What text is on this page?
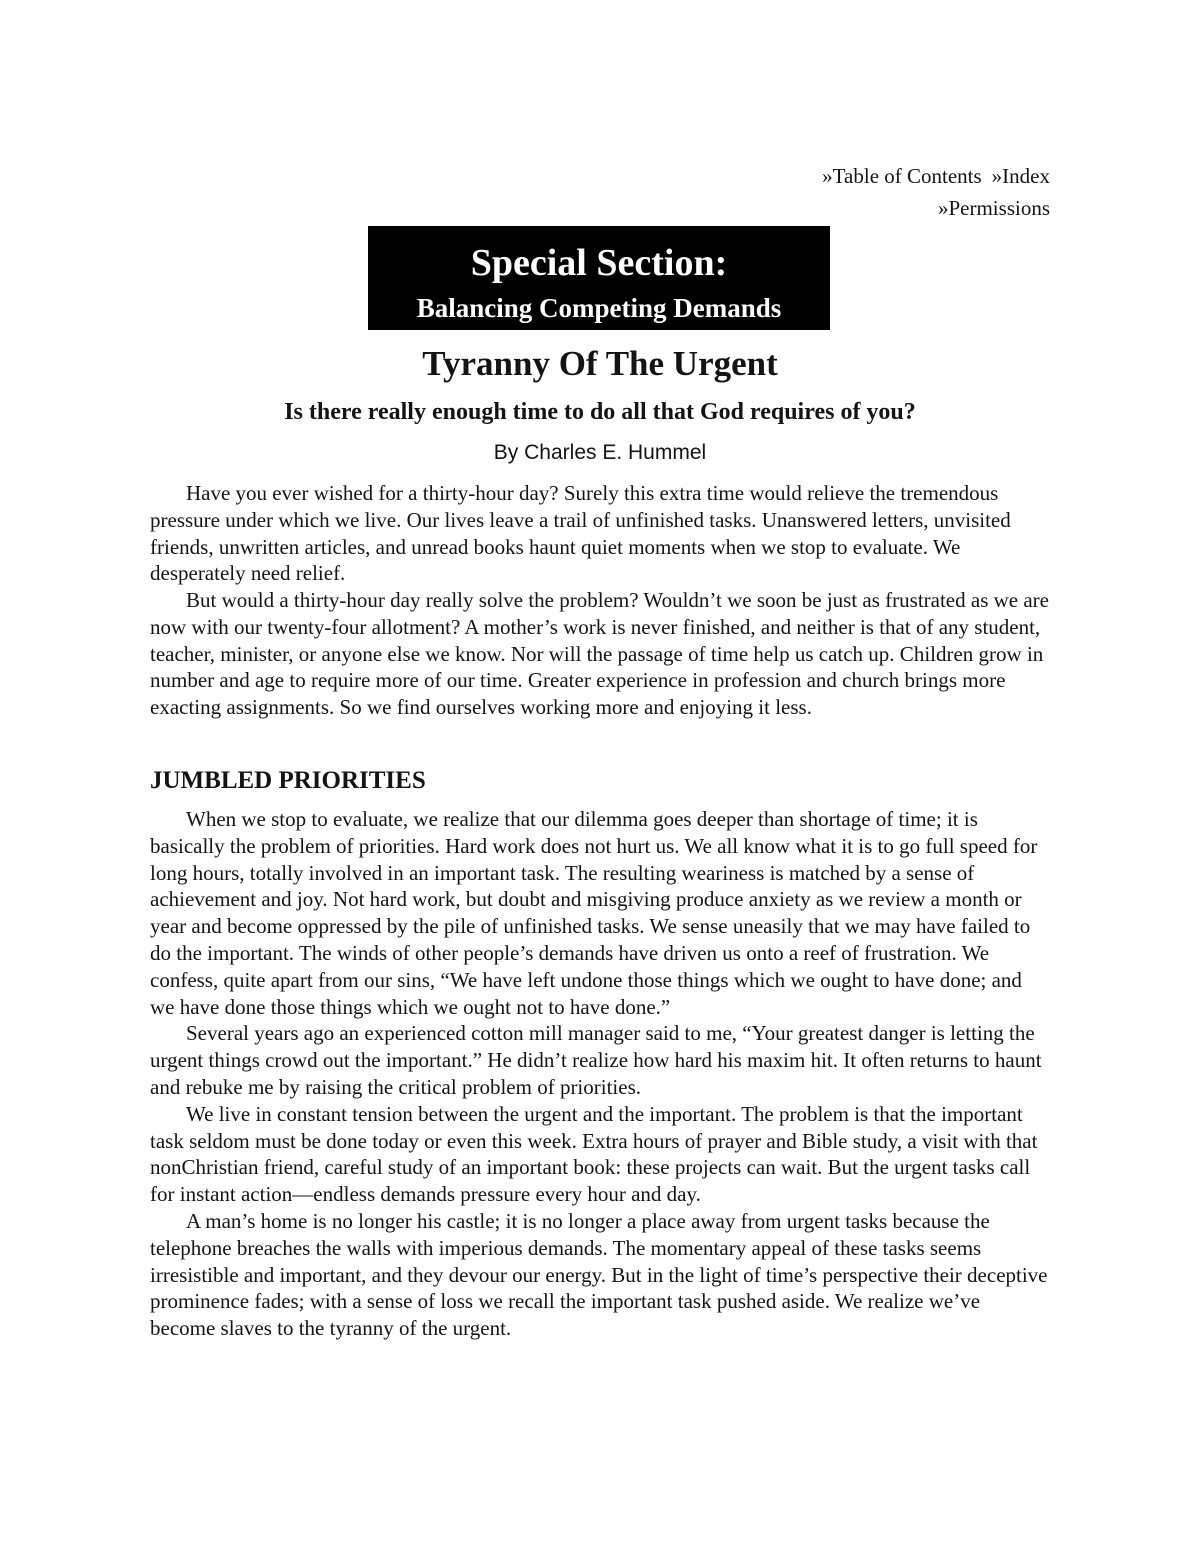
»Table of Contents »Index
»Permissions
Special Section:
Balancing Competing Demands
Tyranny Of The Urgent
Is there really enough time to do all that God requires of you?
By Charles E. Hummel

Have you ever wished for a thirty-hour day? Surely this extra time would relieve the tremendous pressure under which we live. Our lives leave a trail of unfinished tasks. Unanswered letters, unvisited friends, unwritten articles, and unread books haunt quiet moments when we stop to evaluate. We desperately need relief.

But would a thirty-hour day really solve the problem? Wouldn’t we soon be just as frustrated as we are now with our twenty-four allotment? A mother’s work is never finished, and neither is that of any student, teacher, minister, or anyone else we know. Nor will the passage of time help us catch up. Children grow in number and age to require more of our time. Greater experience in profession and church brings more exacting assignments. So we find ourselves working more and enjoying it less.

JUMBLED PRIORITIES

When we stop to evaluate, we realize that our dilemma goes deeper than shortage of time; it is basically the problem of priorities. Hard work does not hurt us. We all know what it is to go full speed for long hours, totally involved in an important task. The resulting weariness is matched by a sense of achievement and joy. Not hard work, but doubt and misgiving produce anxiety as we review a month or year and become oppressed by the pile of unfinished tasks. We sense uneasily that we may have failed to do the important. The winds of other people’s demands have driven us onto a reef of frustration. We confess, quite apart from our sins, “We have left undone those things which we ought to have done; and we have done those things which we ought not to have done.”

Several years ago an experienced cotton mill manager said to me, “Your greatest danger is letting the urgent things crowd out the important.” He didn’t realize how hard his maxim hit. It often returns to haunt and rebuke me by raising the critical problem of priorities.

We live in constant tension between the urgent and the important. The problem is that the important task seldom must be done today or even this week. Extra hours of prayer and Bible study, a visit with that nonChristian friend, careful study of an important book: these projects can wait. But the urgent tasks call for instant action—endless demands pressure every hour and day.

A man’s home is no longer his castle; it is no longer a place away from urgent tasks because the telephone breaches the walls with imperious demands. The momentary appeal of these tasks seems irresistible and important, and they devour our energy. But in the light of time’s perspective their deceptive prominence fades; with a sense of loss we recall the important task pushed aside. We realize we’ve become slaves to the tyranny of the urgent.
